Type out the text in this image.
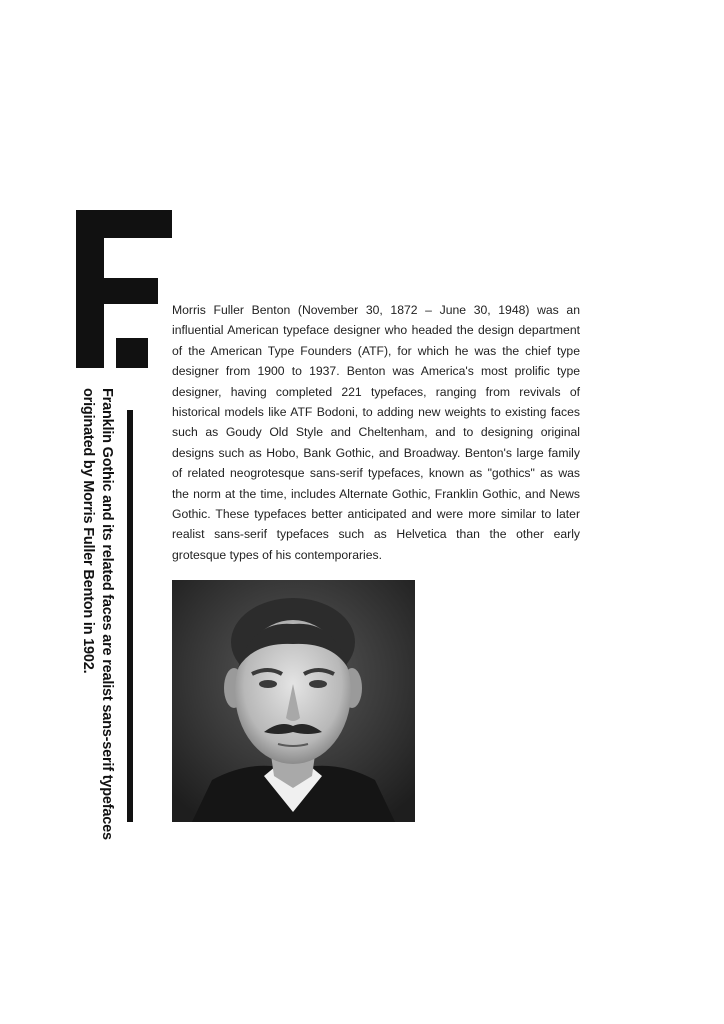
Franklin Gothic and its related faces are realist sans-serif typefaces
originated by Morris Fuller Benton in 1902.

Morris Fuller Benton (November 30, 1872 – June 30, 1948) was an influential American typeface designer who headed the design department of the American Type Founders (ATF), for which he was the chief type designer from 1900 to 1937. Benton was America's most prolific type designer, having completed 221 typefaces, ranging from revivals of historical models like ATF Bodoni, to adding new weights to existing faces such as Goudy Old Style and Cheltenham, and to designing original designs such as Hobo, Bank Gothic, and Broadway. Benton's large family of related neogrotesque sans-serif typefaces, known as "gothics" as was the norm at the time, includes Alternate Gothic, Franklin Gothic, and News Gothic. These typefaces better anticipated and were more similar to later realist sans-serif typefaces such as Helvetica than the other early grotesque types of his contemporaries.
